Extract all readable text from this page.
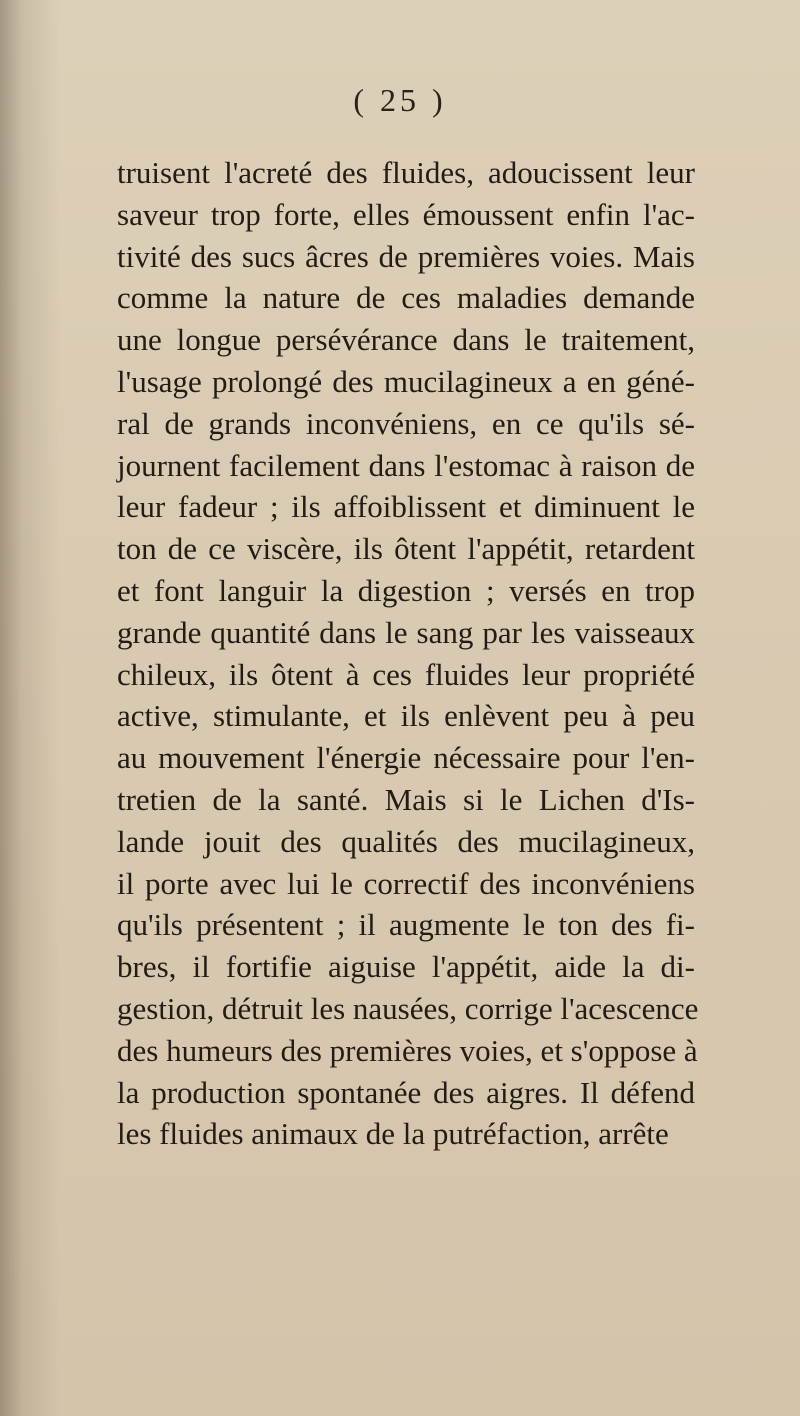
( 25 )
truisent l'acreté des fluides, adoucissent leur
saveur trop forte, elles émoussent enfin l'ac-
tivité des sucs âcres de premières voies. Mais
comme la nature de ces maladies demande
une longue persévérance dans le traitement,
l'usage prolongé des mucilagineux a en géné-
ral de grands inconvéniens, en ce qu'ils sé-
journent facilement dans l'estomac à raison de
leur fadeur ; ils affoiblissent et diminuent le
ton de ce viscère, ils ôtent l'appétit, retardent
et font languir la digestion ; versés en trop
grande quantité dans le sang par les vaisseaux
chileux, ils ôtent à ces fluides leur propriété
active, stimulante, et ils enlèvent peu à peu
au mouvement l'énergie nécessaire pour l'en-
tretien de la santé. Mais si le Lichen d'Is-
lande jouit des qualités des mucilagineux,
il porte avec lui le correctif des inconvéniens
qu'ils présentent ; il augmente le ton des fi-
bres, il fortifie aiguise l'appétit, aide la di-
gestion, détruit les nausées, corrige l'acescence
des humeurs des premières voies, et s'oppose à
la production spontanée des aigres. Il défend
les fluides animaux de la putréfaction, arrête
